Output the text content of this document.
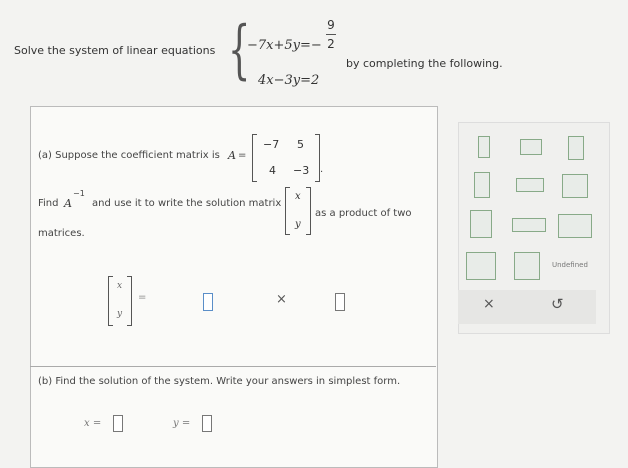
Solve the system of linear equations {
−7x+5y=−
9
2
by completing the following.
4x−3y=2
(a) Suppose the coefficient matrix is A =
−7 5
4 −3 .
Find A
−1
and use it to write the solution matrix
x
y
as a product of two
matrices.
x
y
=	×
(b) Find the solution of the system. Write your answers in simplest form.
x =	y =
Undefined
×	↺
